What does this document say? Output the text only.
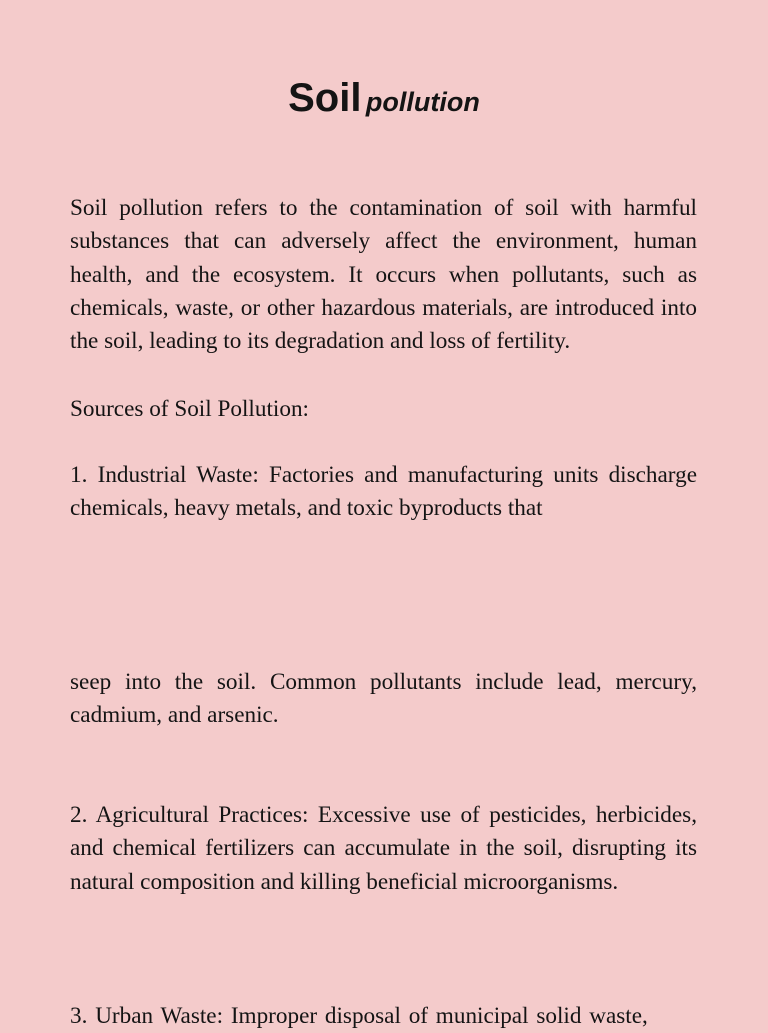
Soil pollution

Soil pollution refers to the contamination of soil with harmful substances that can adversely affect the environment, human health, and the ecosystem. It occurs when pollutants, such as chemicals, waste, or other hazardous materials, are introduced into the soil, leading to its degradation and loss of fertility.

Sources of Soil Pollution:

1. Industrial Waste: Factories and manufacturing units discharge chemicals, heavy metals, and toxic byproducts that

seep into the soil. Common pollutants include lead, mercury, cadmium, and arsenic.

2. Agricultural Practices: Excessive use of pesticides, herbicides, and chemical fertilizers can accumulate in the soil, disrupting its natural composition and killing beneficial microorganisms.

3. Urban Waste: Improper disposal of municipal solid waste,
